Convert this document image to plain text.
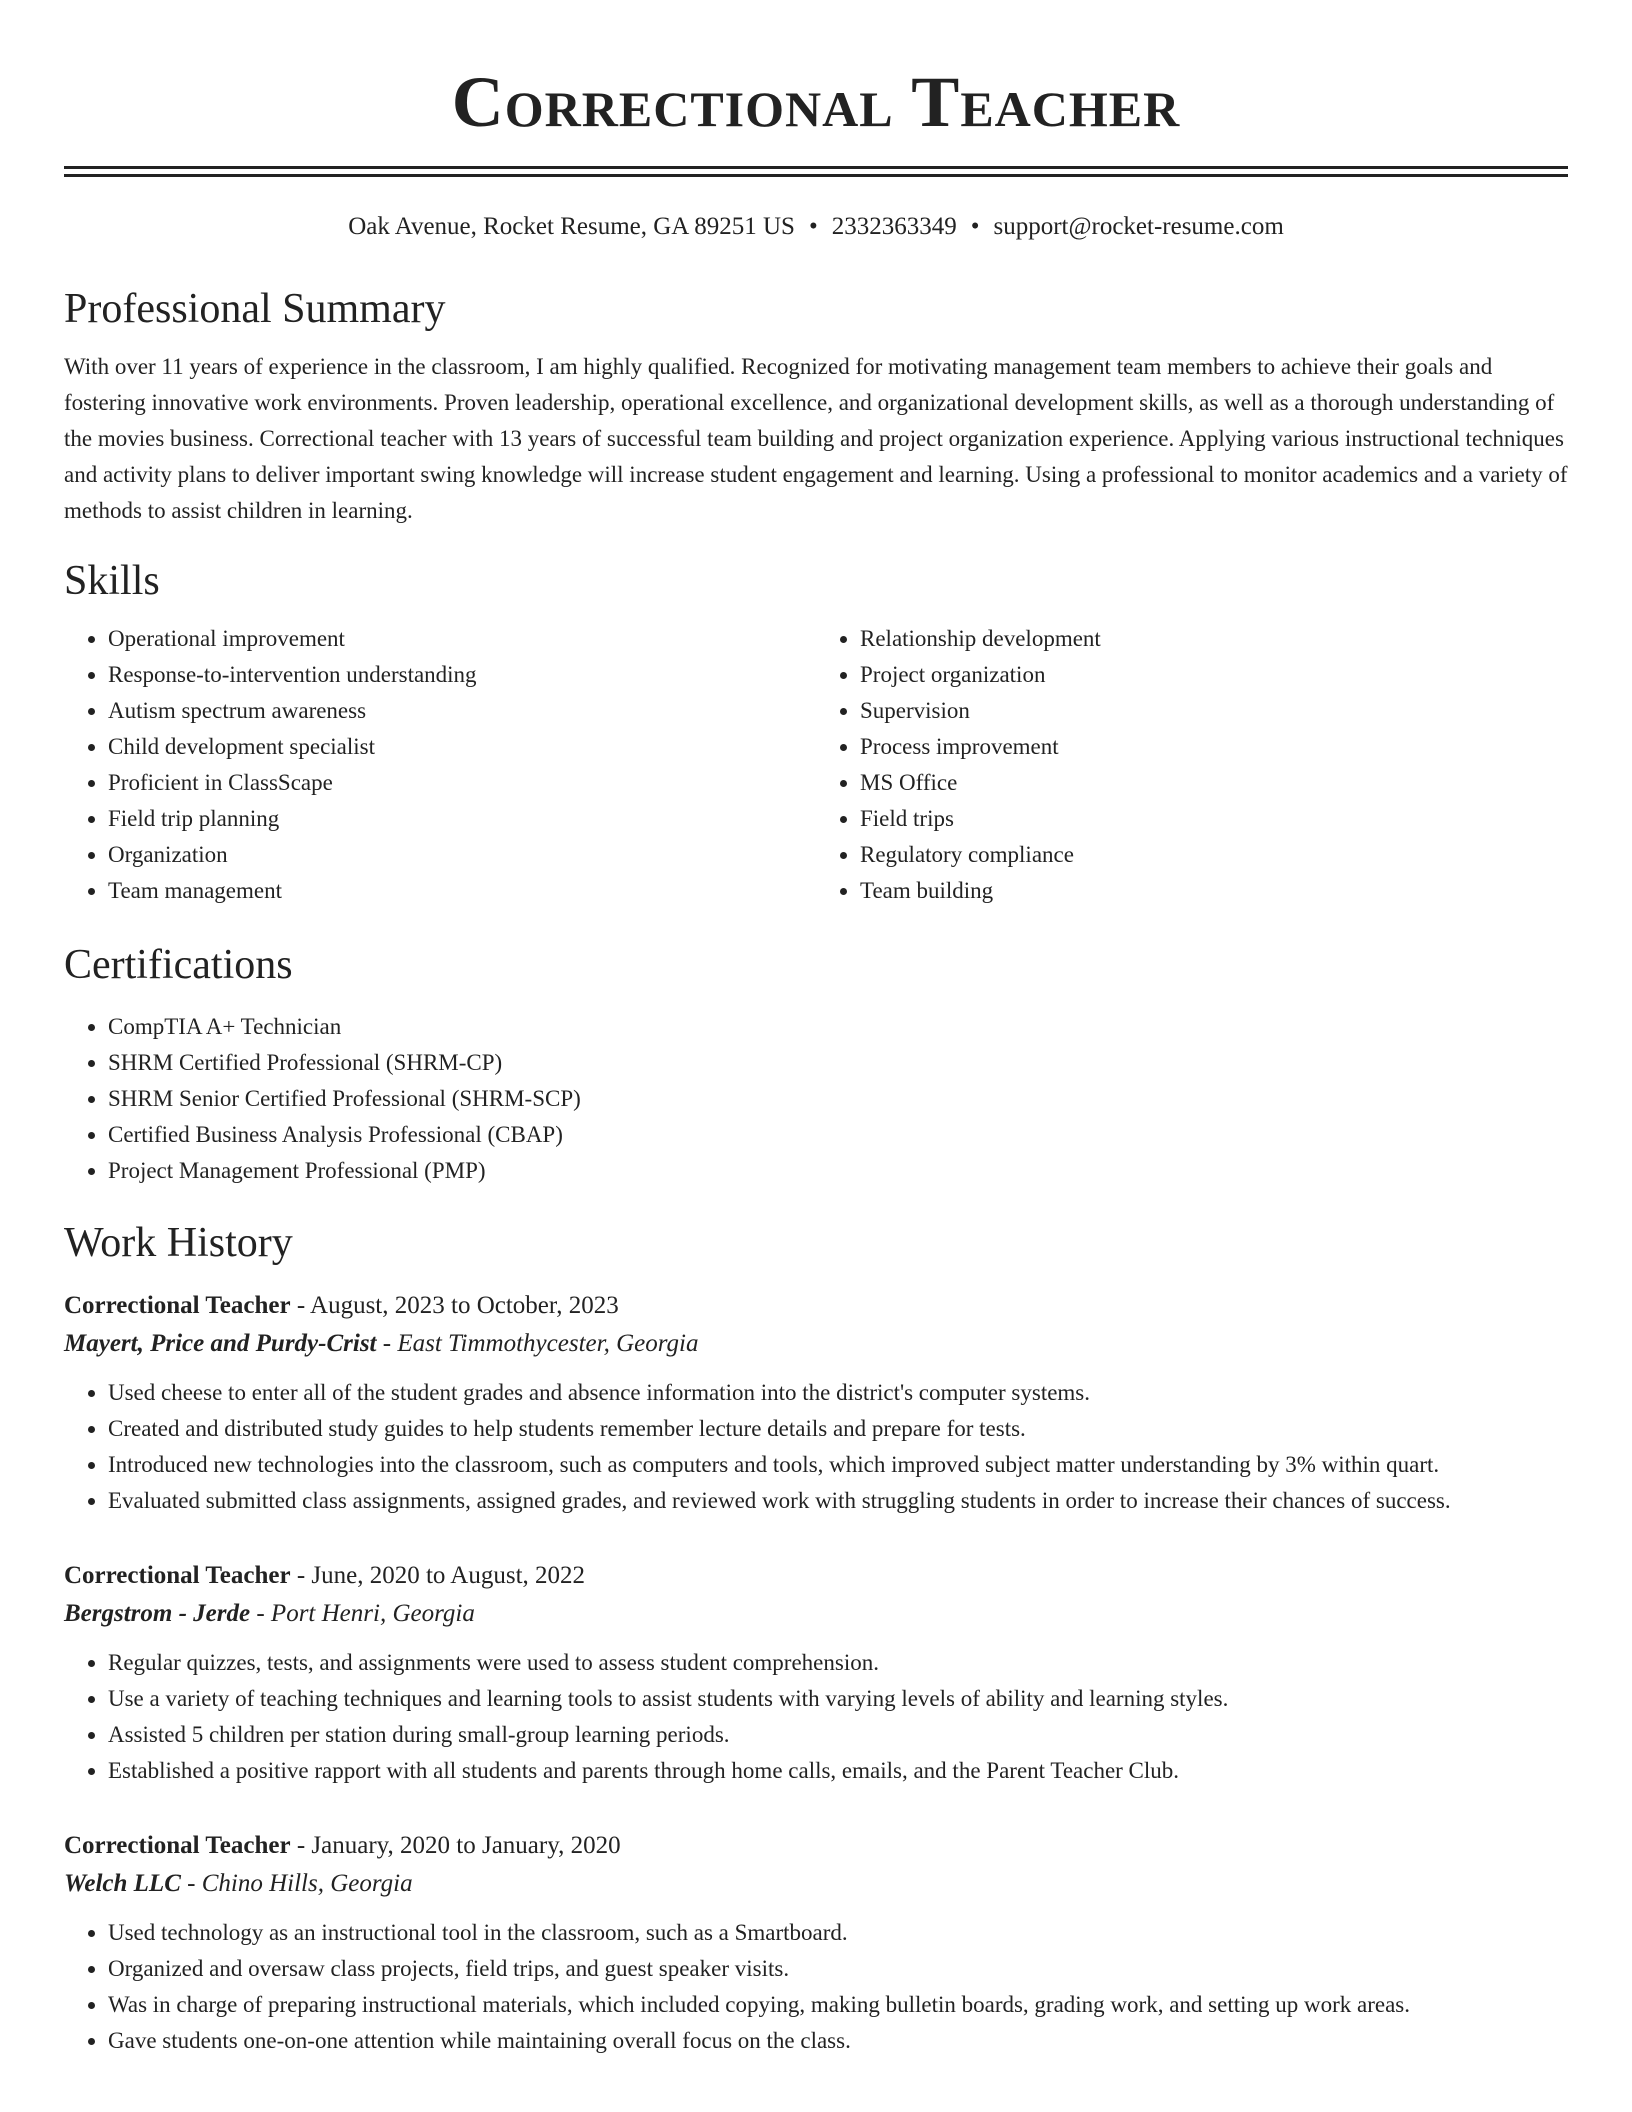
Correctional Teacher
Oak Avenue, Rocket Resume, GA 89251 US • 2332363349 • support@rocket-resume.com
Professional Summary

With over 11 years of experience in the classroom, I am highly qualified. Recognized for motivating management team members to achieve their goals and fostering innovative work environments. Proven leadership, operational excellence, and organizational development skills, as well as a thorough understanding of the movies business. Correctional teacher with 13 years of successful team building and project organization experience. Applying various instructional techniques and activity plans to deliver important swing knowledge will increase student engagement and learning. Using a professional to monitor academics and a variety of methods to assist children in learning.

Skills
• Operational improvement
• Response-to-intervention understanding
• Autism spectrum awareness
• Child development specialist
• Proficient in ClassScape
• Field trip planning
• Organization
• Team management
• Relationship development
• Project organization
• Supervision
• Process improvement
• MS Office
• Field trips
• Regulatory compliance
• Team building
Certifications
• CompTIA A+ Technician
• SHRM Certified Professional (SHRM-CP)
• SHRM Senior Certified Professional (SHRM-SCP)
• Certified Business Analysis Professional (CBAP)
• Project Management Professional (PMP)
Work History
Correctional Teacher - August, 2023 to October, 2023
Mayert, Price and Purdy-Crist - East Timmothycester, Georgia
• Used cheese to enter all of the student grades and absence information into the district's computer systems.
• Created and distributed study guides to help students remember lecture details and prepare for tests.
• Introduced new technologies into the classroom, such as computers and tools, which improved subject matter understanding by 3% within quart.
• Evaluated submitted class assignments, assigned grades, and reviewed work with struggling students in order to increase their chances of success.
Correctional Teacher - June, 2020 to August, 2022
Bergstrom - Jerde - Port Henri, Georgia
• Regular quizzes, tests, and assignments were used to assess student comprehension.
• Use a variety of teaching techniques and learning tools to assist students with varying levels of ability and learning styles.
• Assisted 5 children per station during small-group learning periods.
• Established a positive rapport with all students and parents through home calls, emails, and the Parent Teacher Club.
Correctional Teacher - January, 2020 to January, 2020
Welch LLC - Chino Hills, Georgia
• Used technology as an instructional tool in the classroom, such as a Smartboard.
• Organized and oversaw class projects, field trips, and guest speaker visits.
• Was in charge of preparing instructional materials, which included copying, making bulletin boards, grading work, and setting up work areas.
• Gave students one-on-one attention while maintaining overall focus on the class.
